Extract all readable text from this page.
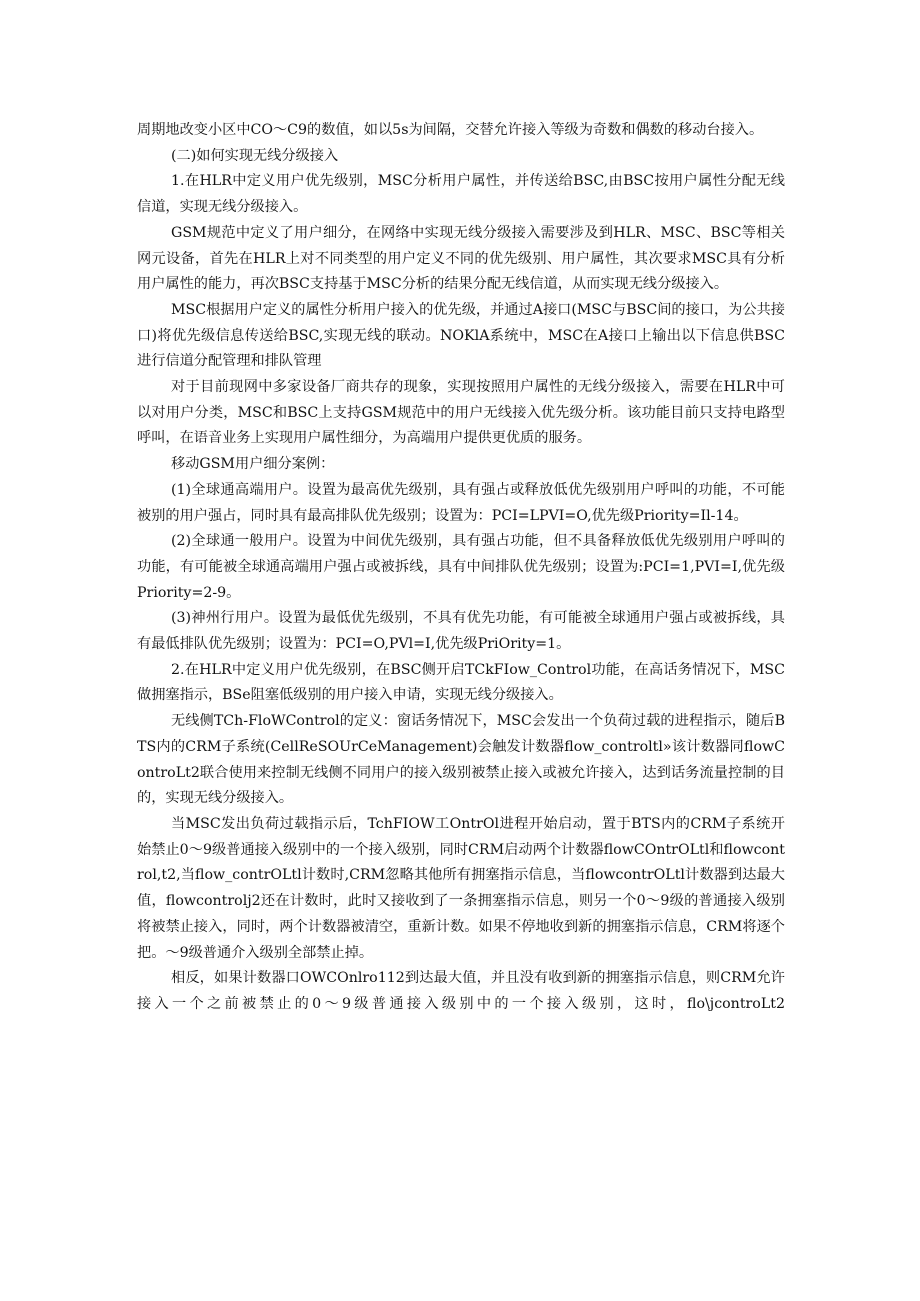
周期地改变小区中CO～C9的数值，如以5s为间隔，交替允许接入等级为奇数和偶数的移动台接入。

(二)如何实现无线分级接入

1.在HLR中定义用户优先级别，MSC分析用户属性，并传送给BSC,由BSC按用户属性分配无线信道，实现无线分级接入。

GSM规范中定义了用户细分，在网络中实现无线分级接入需要涉及到HLR、MSC、BSC等相关网元设备，首先在HLR上对不同类型的用户定义不同的优先级别、用户属性，其次要求MSC具有分析用户属性的能力，再次BSC支持基于MSC分析的结果分配无线信道，从而实现无线分级接入。

MSC根据用户定义的属性分析用户接入的优先级，并通过A接口(MSC与BSC间的接口，为公共接口)将优先级信息传送给BSC,实现无线的联动。NOKlA系统中，MSC在A接口上输出以下信息供BSC进行信道分配管理和排队管理

对于目前现网中多家设备厂商共存的现象，实现按照用户属性的无线分级接入，需要在HLR中可以对用户分类，MSC和BSC上支持GSM规范中的用户无线接入优先级分析。该功能目前只支持电路型呼叫，在语音业务上实现用户属性细分，为高端用户提供更优质的服务。

移动GSM用户细分案例：

(1)全球通高端用户。设置为最高优先级别，具有强占或释放低优先级别用户呼叫的功能，不可能被别的用户强占，同时具有最高排队优先级别；设置为：PCI=LPVI=O,优先级Priority=Il-14。

(2)全球通一般用户。设置为中间优先级别，具有强占功能，但不具备释放低优先级别用户呼叫的功能，有可能被全球通高端用户强占或被拆线，具有中间排队优先级别；设置为:PCI=1,PVI=I,优先级Priority=2-9。

(3)神州行用户。设置为最低优先级别，不具有优先功能，有可能被全球通用户强占或被拆线，具有最低排队优先级别；设置为：PCI=O,PVl=I,优先级PriOrity=1。

2.在HLR中定义用户优先级别，在BSC侧开启TCkFIow_Control功能，在高话务情况下，MSC做拥塞指示，BSe阻塞低级别的用户接入申请，实现无线分级接入。

无线侧TCh-FloWControl的定义：窗话务情况下，MSC会发出一个负荷过载的进程指示，随后BTS内的CRM子系统(CellReSOUrCeManagement)会触发计数器flow_controltl»该计数器同flowControLt2联合使用来控制无线侧不同用户的接入级别被禁止接入或被允许接入，达到话务流量控制的目的，实现无线分级接入。

当MSC发出负荷过载指示后，TchFIOW工OntrOl进程开始启动，置于BTS内的CRM子系统开始禁止0～9级普通接入级别中的一个接入级别，同时CRM启动两个计数器flowCOntrOLtl和flowcontrol,t2,当flow_contrOLtl计数时,CRM忽略其他所有拥塞指示信息，当flowcontrOLtl计数器到达最大值，flowcontrolj2还在计数时，此时又接收到了一条拥塞指示信息，则另一个0～9级的普通接入级别将被禁止接入，同时，两个计数器被清空，重新计数。如果不停地收到新的拥塞指示信息，CRM将逐个把。～9级普通介入级别全部禁止掉。

相反，如果计数器口OWCOnlro112到达最大值，并且没有收到新的拥塞指示信息，则CRM允许接入一个之前被禁止的0～9级普通接入级别中的一个接入级别，这时，flo\jcontroLt2
